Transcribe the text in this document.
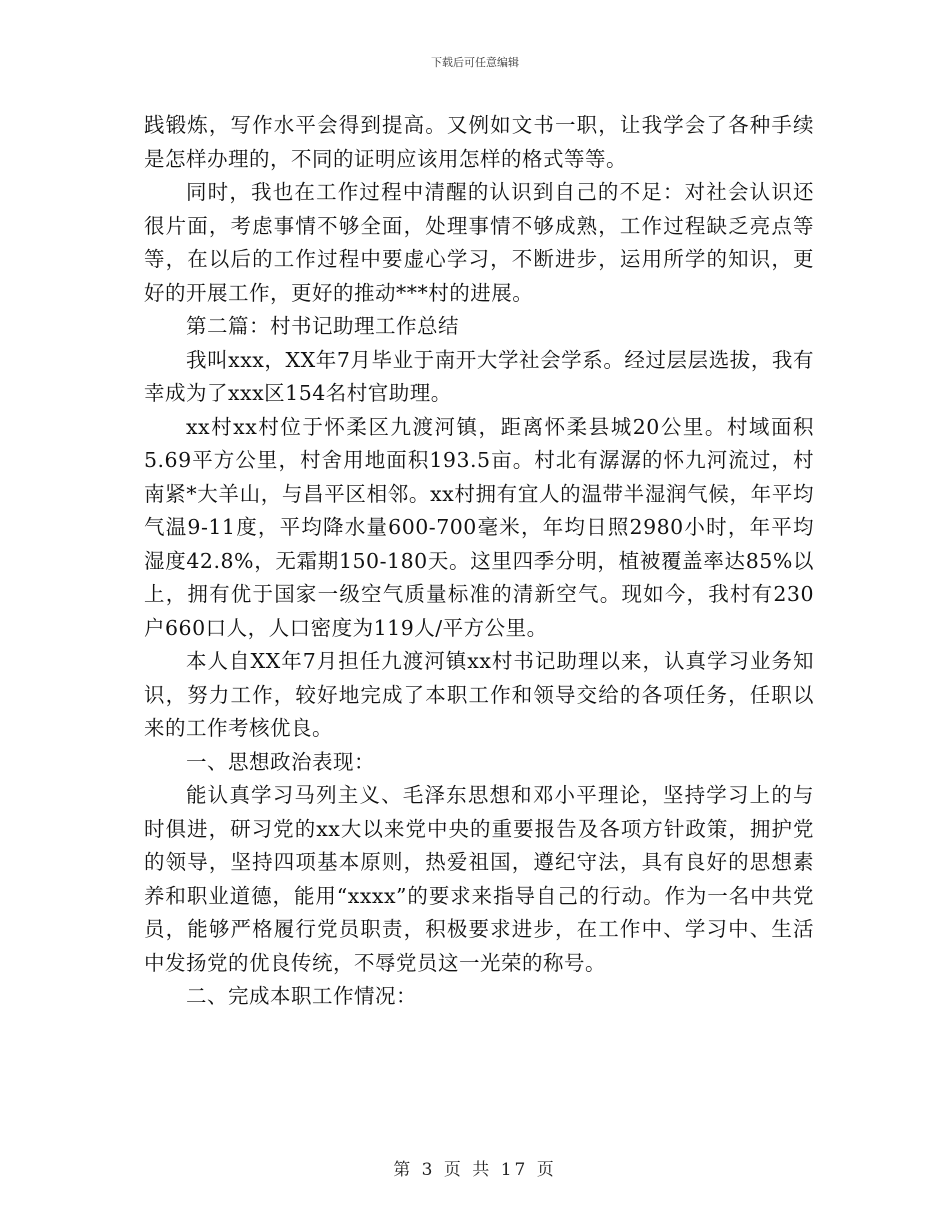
下载后可任意编辑

践锻炼，写作水平会得到提高。又例如文书一职，让我学会了各种手续是怎样办理的，不同的证明应该用怎样的格式等等。

同时，我也在工作过程中清醒的认识到自己的不足：对社会认识还很片面，考虑事情不够全面，处理事情不够成熟，工作过程缺乏亮点等等，在以后的工作过程中要虚心学习，不断进步，运用所学的知识，更好的开展工作，更好的推动***村的进展。

第二篇：村书记助理工作总结

我叫xxx，XX年7月毕业于南开大学社会学系。经过层层选拔，我有幸成为了xxx区154名村官助理。

xx村xx村位于怀柔区九渡河镇，距离怀柔县城20公里。村域面积5.69平方公里，村舍用地面积193.5亩。村北有潺潺的怀九河流过，村南紧*大羊山，与昌平区相邻。xx村拥有宜人的温带半湿润气候，年平均气温9-11度，平均降水量600-700毫米，年均日照2980小时，年平均湿度42.8%，无霜期150-180天。这里四季分明，植被覆盖率达85%以上，拥有优于国家一级空气质量标准的清新空气。现如今，我村有230户660口人，人口密度为119人/平方公里。

本人自XX年7月担任九渡河镇xx村书记助理以来，认真学习业务知识，努力工作，较好地完成了本职工作和领导交给的各项任务，任职以来的工作考核优良。

一、思想政治表现：

能认真学习马列主义、毛泽东思想和邓小平理论，坚持学习上的与时俱进，研习党的xx大以来党中央的重要报告及各项方针政策，拥护党的领导，坚持四项基本原则，热爱祖国，遵纪守法，具有良好的思想素养和职业道德，能用“xxxx”的要求来指导自己的行动。作为一名中共党员，能够严格履行党员职责，积极要求进步，在工作中、学习中、生活中发扬党的优良传统，不辱党员这一光荣的称号。

二、完成本职工作情况：

第 3 页 共 17 页
